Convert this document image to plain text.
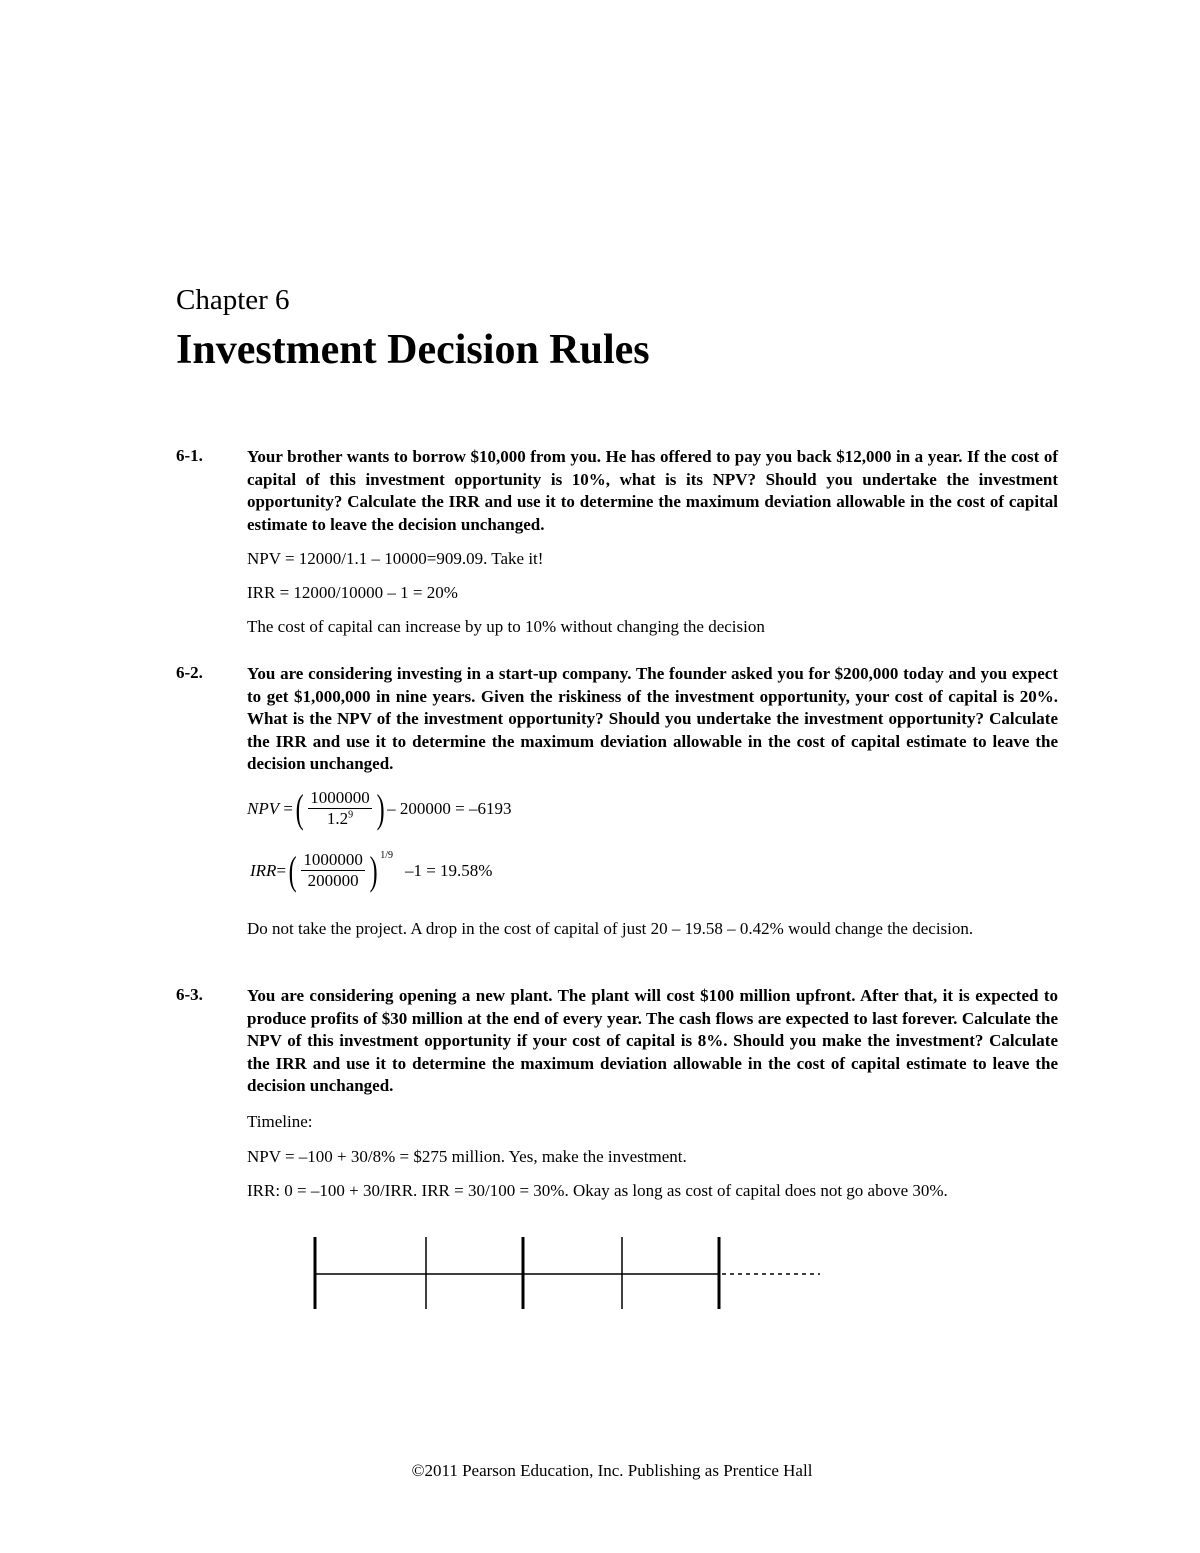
Chapter 6
Investment Decision Rules
6-1.	Your brother wants to borrow $10,000 from you. He has offered to pay you back $12,000 in a year. If the cost of capital of this investment opportunity is 10%, what is its NPV? Should you undertake the investment opportunity? Calculate the IRR and use it to determine the maximum deviation allowable in the cost of capital estimate to leave the decision unchanged.
NPV = 12000/1.1 – 10000=909.09. Take it!
IRR = 12000/10000 – 1 = 20%
The cost of capital can increase by up to 10% without changing the decision
6-2.	You are considering investing in a start-up company. The founder asked you for $200,000 today and you expect to get $1,000,000 in nine years. Given the riskiness of the investment opportunity, your cost of capital is 20%. What is the NPV of the investment opportunity? Should you undertake the investment opportunity? Calculate the IRR and use it to determine the maximum deviation allowable in the cost of capital estimate to leave the decision unchanged.
NPV
= ( $\frac{1000000}{1.2^9}$ ) – 200000 = –6193
IRR = ( $\frac{1000000}{200000}$ ) $^{1/9}$
–1 = 19.58%
Do not take the project. A drop in the cost of capital of just 20 – 19.58 – 0.42% would change the decision.
6-3.	You are considering opening a new plant. The plant will cost $100 million upfront. After that, it is expected to produce profits of $30 million at the end of every year. The cash flows are expected to last forever. Calculate the NPV of this investment opportunity if your cost of capital is 8%. Should you make the investment? Calculate the IRR and use it to determine the maximum deviation allowable in the cost of capital estimate to leave the decision unchanged.
Timeline:
NPV = –100 + 30/8% = $275 million. Yes, make the investment.
IRR: 0 = –100 + 30/IRR. IRR = 30/100 = 30%. Okay as long as cost of capital does not go above 30%.
©2011 Pearson Education, Inc. Publishing as Prentice Hall
